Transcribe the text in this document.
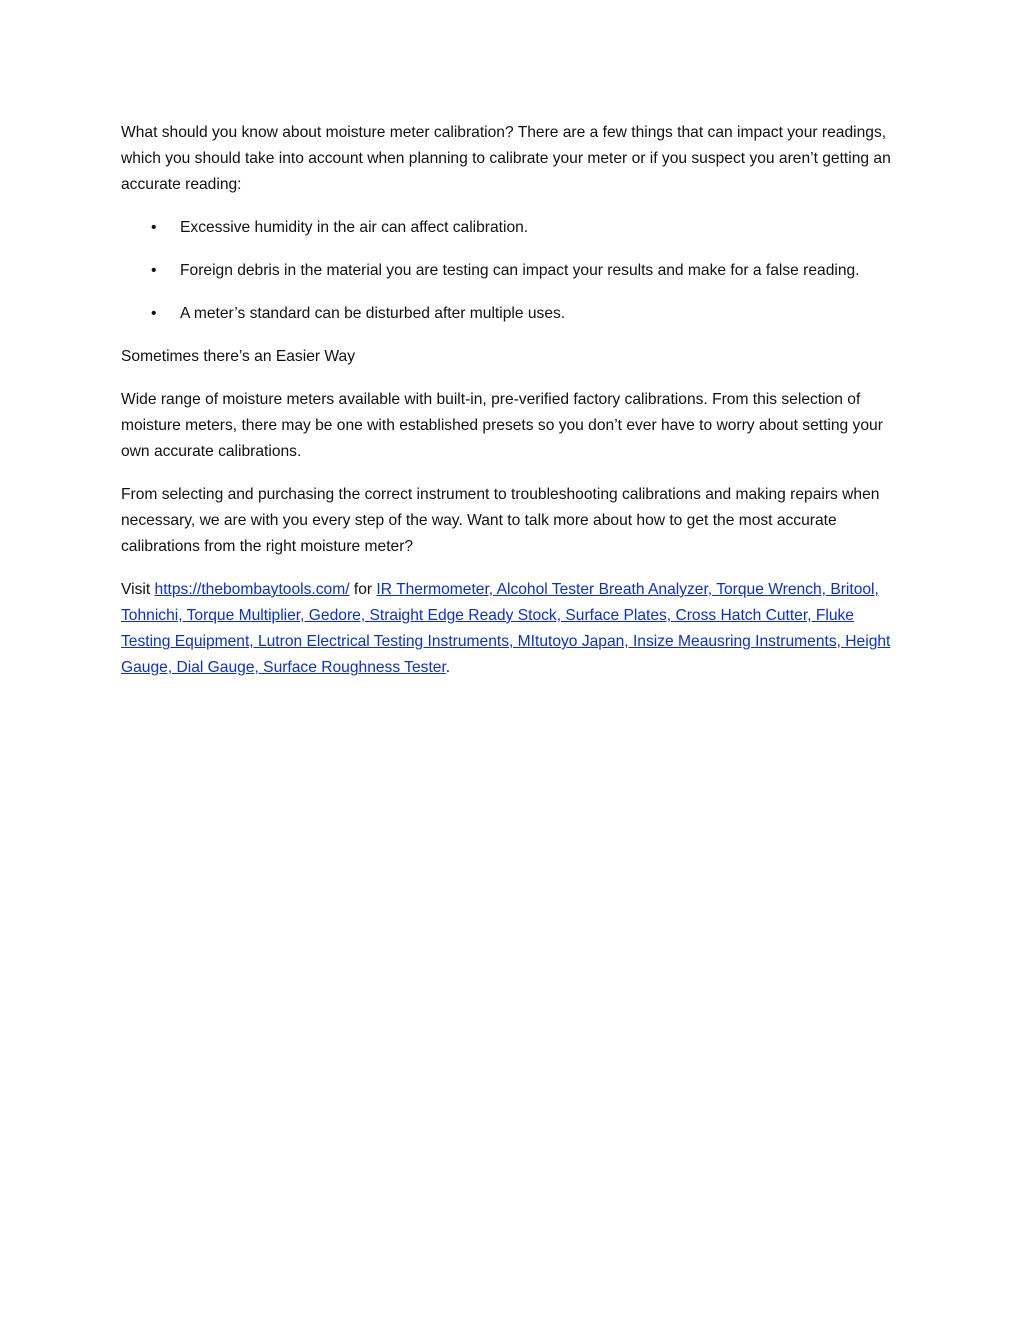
What should you know about moisture meter calibration? There are a few things that can impact your readings, which you should take into account when planning to calibrate your meter or if you suspect you aren’t getting an accurate reading:

• Excessive humidity in the air can affect calibration.
• Foreign debris in the material you are testing can impact your results and make for a false reading.
• A meter’s standard can be disturbed after multiple uses.

Sometimes there’s an Easier Way

Wide range of moisture meters available with built-in, pre-verified factory calibrations. From this selection of moisture meters, there may be one with established presets so you don’t ever have to worry about setting your own accurate calibrations.

From selecting and purchasing the correct instrument to troubleshooting calibrations and making repairs when necessary, we are with you every step of the way. Want to talk more about how to get the most accurate calibrations from the right moisture meter?

Visit https://thebombaytools.com/ for IR Thermometer, Alcohol Tester Breath Analyzer, Torque Wrench, Britool, Tohnichi, Torque Multiplier, Gedore, Straight Edge Ready Stock, Surface Plates, Cross Hatch Cutter, Fluke Testing Equipment, Lutron Electrical Testing Instruments, MItutoyo Japan, Insize Meausring Instruments, Height Gauge, Dial Gauge, Surface Roughness Tester.
